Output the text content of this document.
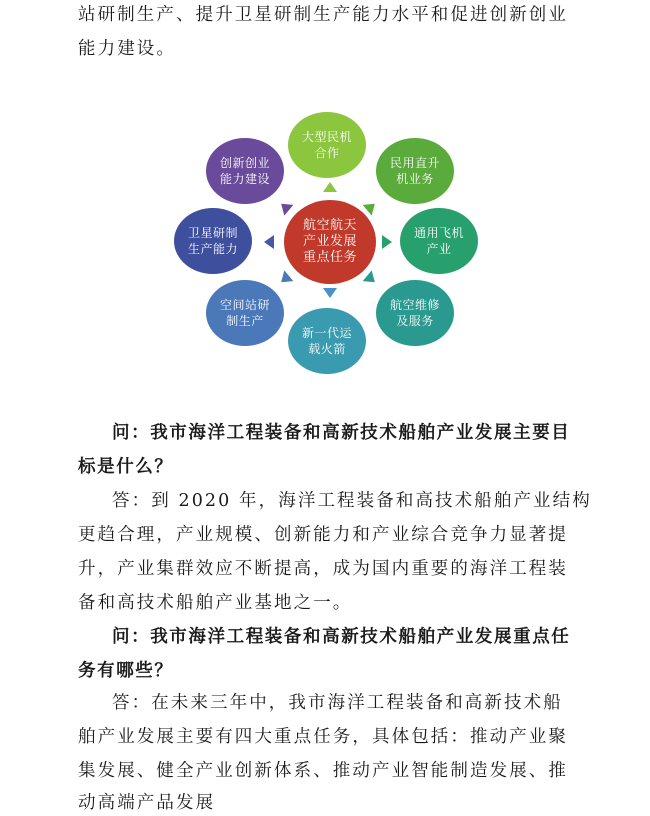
站研制生产、提升卫星研制生产能力水平和促进创新创业
能力建设。
航空航天
产业发展
重点任务
大型民机
合作
民用直升
机业务
通用飞机
产业
航空维修
及服务
新一代运
载火箭
空间站研
制生产
卫星研制
生产能力
创新创业
能力建设
问：我市海洋工程装备和高新技术船舶产业发展主要目
标是什么？
答：到 2020 年，海洋工程装备和高技术船舶产业结构
更趋合理，产业规模、创新能力和产业综合竞争力显著提
升，产业集群效应不断提高，成为国内重要的海洋工程装
备和高技术船舶产业基地之一。
问：我市海洋工程装备和高新技术船舶产业发展重点任
务有哪些？
答：在未来三年中，我市海洋工程装备和高新技术船
舶产业发展主要有四大重点任务，具体包括：推动产业聚
集发展、健全产业创新体系、推动产业智能制造发展、推
动高端产品发展
